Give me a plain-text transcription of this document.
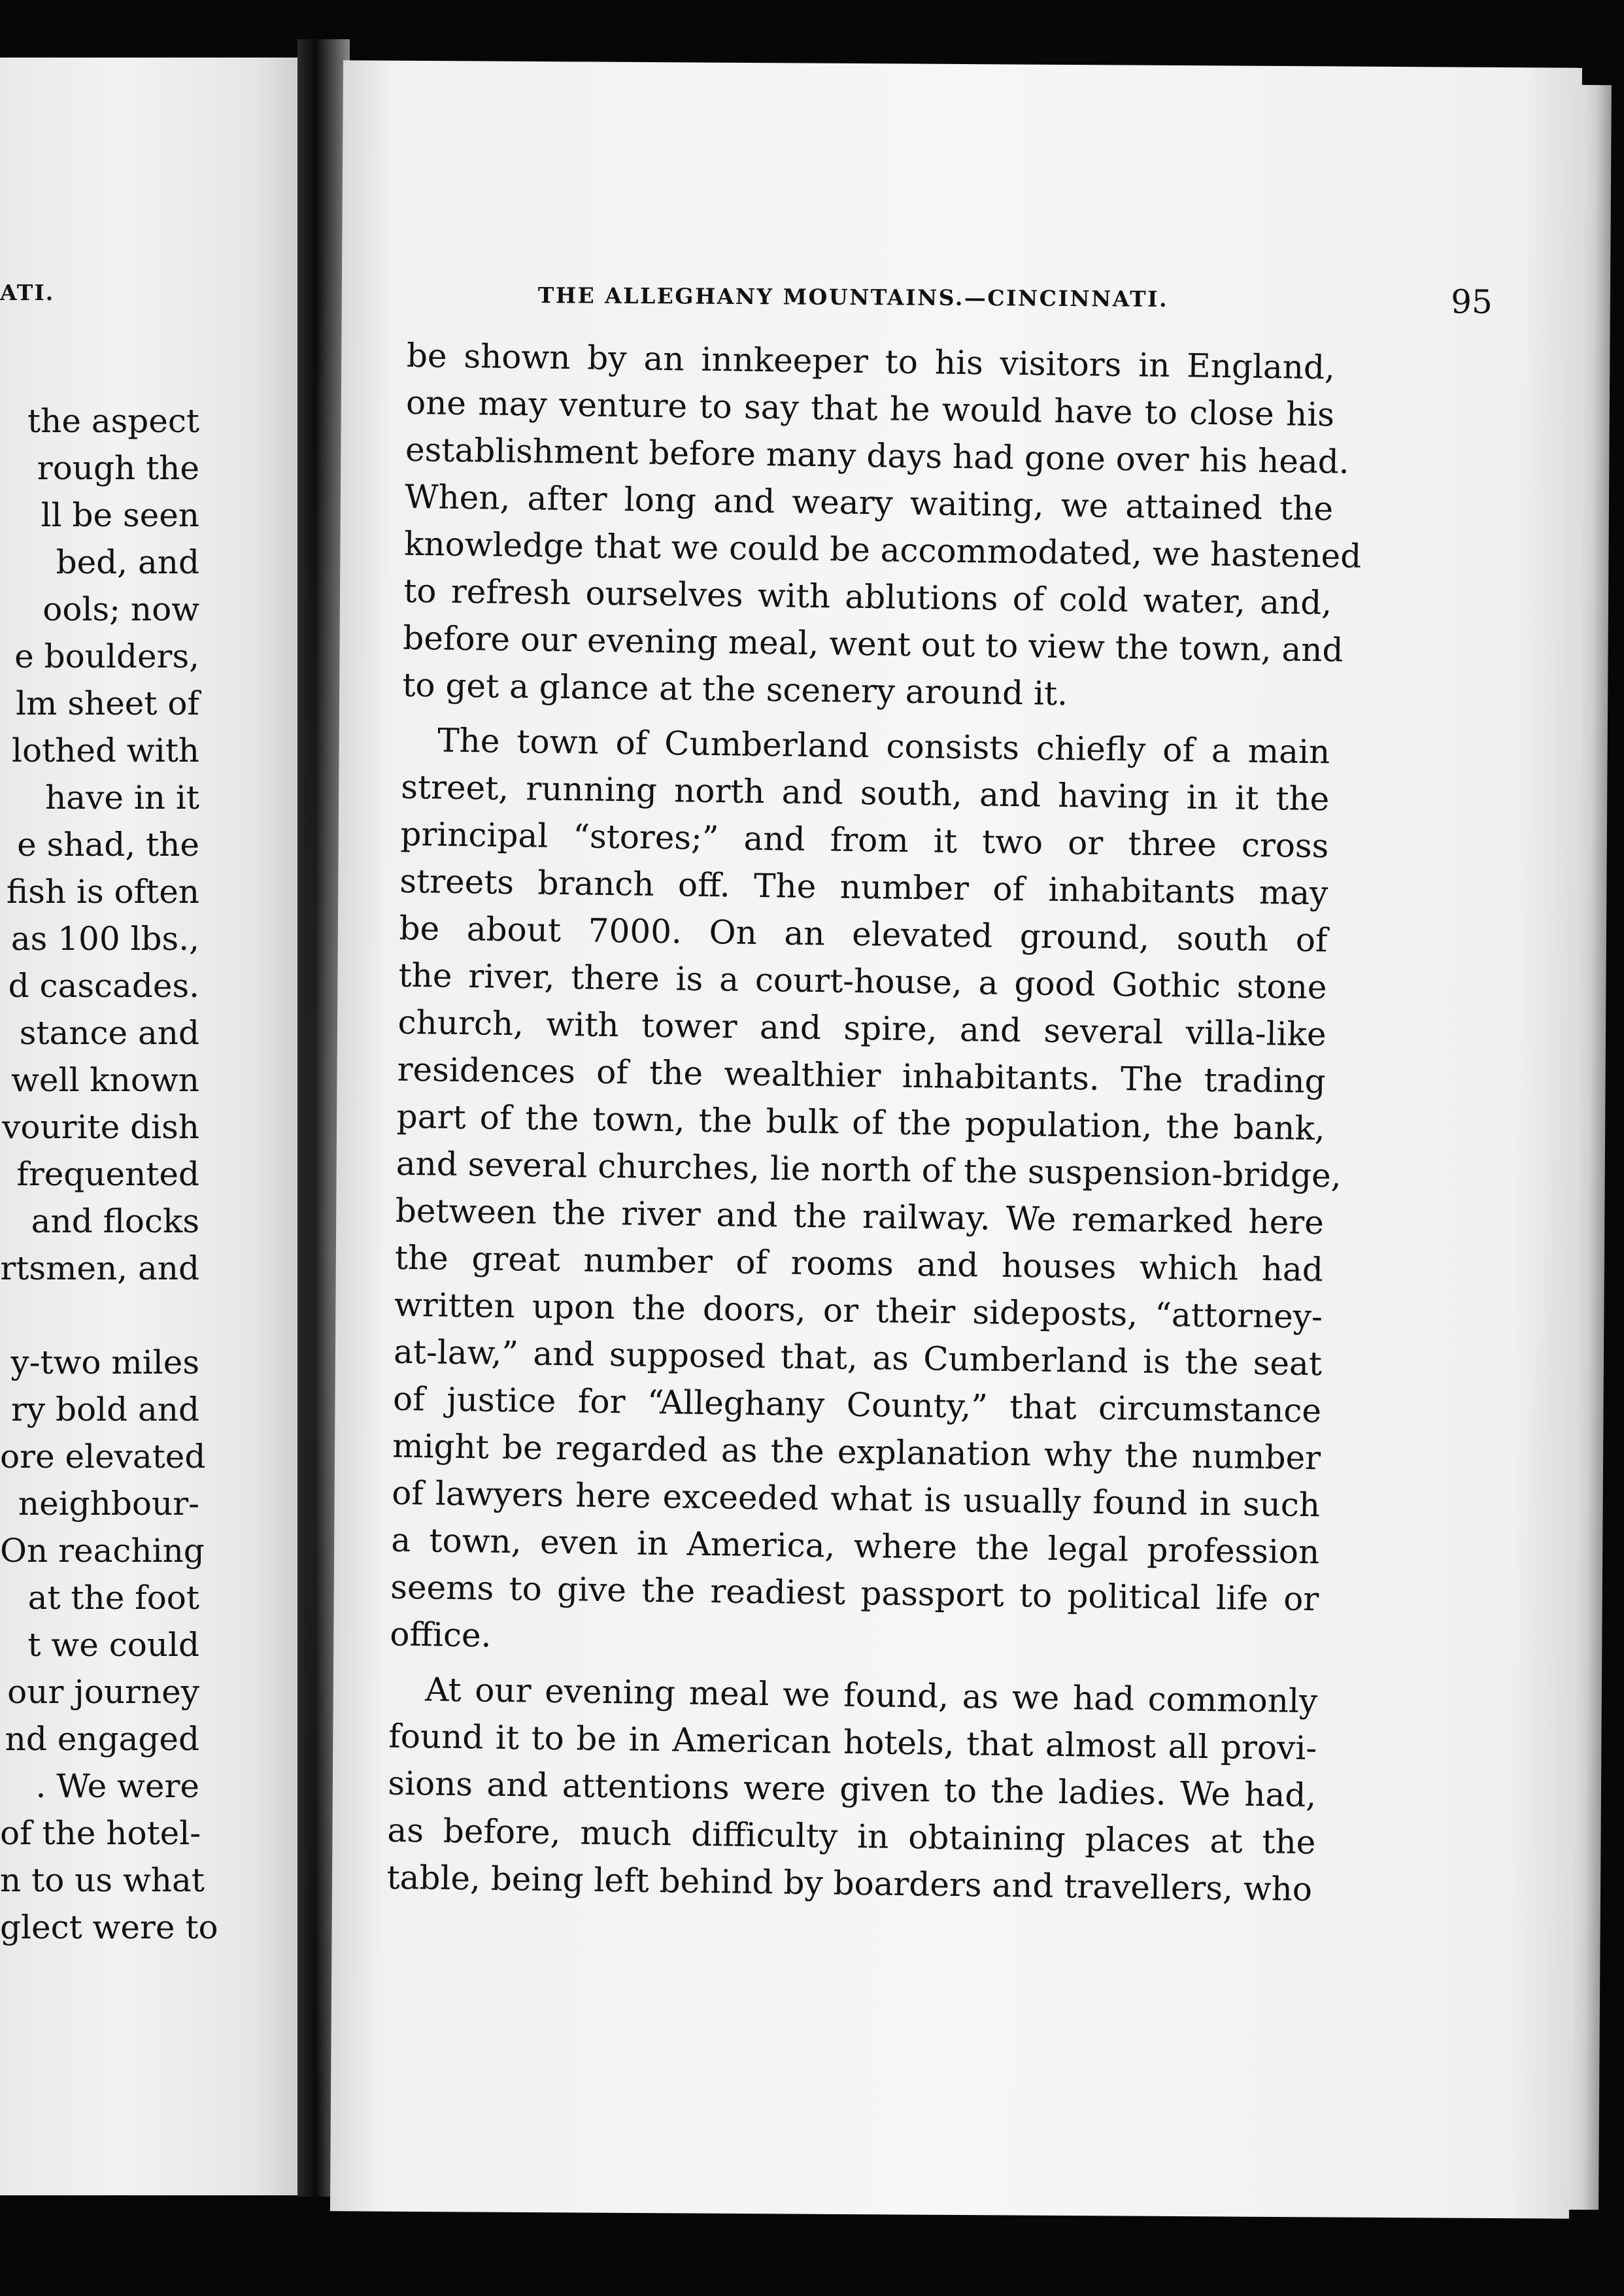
ATI.
the aspect
rough the
ll be seen
bed, and
ools; now
e boulders,
lm sheet of
lothed with
have in it
e shad, the
fish is often
as 100 lbs.,
d cascades.
stance and
well known
vourite dish
frequented
and flocks
rtsmen, and
y-two miles
ry bold and
ore elevated
neighbour-
On reaching
at the foot
t we could
our journey
nd engaged
. We were
of the hotel-
n to us what
glect were to
THE ALLEGHANY MOUNTAINS.—CINCINNATI.	95
be shown by an innkeeper to his visitors in England,
one may venture to say that he would have to close his
establishment before many days had gone over his head.
When, after long and weary waiting, we attained the
knowledge that we could be accommodated, we hastened
to refresh ourselves with ablutions of cold water, and,
before our evening meal, went out to view the town, and
to get a glance at the scenery around it.
The town of Cumberland consists chiefly of a main
street, running north and south, and having in it the
principal “stores;” and from it two or three cross
streets branch off. The number of inhabitants may
be about 7000. On an elevated ground, south of
the river, there is a court-house, a good Gothic stone
church, with tower and spire, and several villa-like
residences of the wealthier inhabitants. The trading
part of the town, the bulk of the population, the bank,
and several churches, lie north of the suspension-bridge,
between the river and the railway. We remarked here
the great number of rooms and houses which had
written upon the doors, or their sideposts, “attorney-
at-law,” and supposed that, as Cumberland is the seat
of justice for “Alleghany County,” that circumstance
might be regarded as the explanation why the number
of lawyers here exceeded what is usually found in such
a town, even in America, where the legal profession
seems to give the readiest passport to political life or
office.
At our evening meal we found, as we had commonly
found it to be in American hotels, that almost all provi-
sions and attentions were given to the ladies. We had,
as before, much difficulty in obtaining places at the
table, being left behind by boarders and travellers, who
